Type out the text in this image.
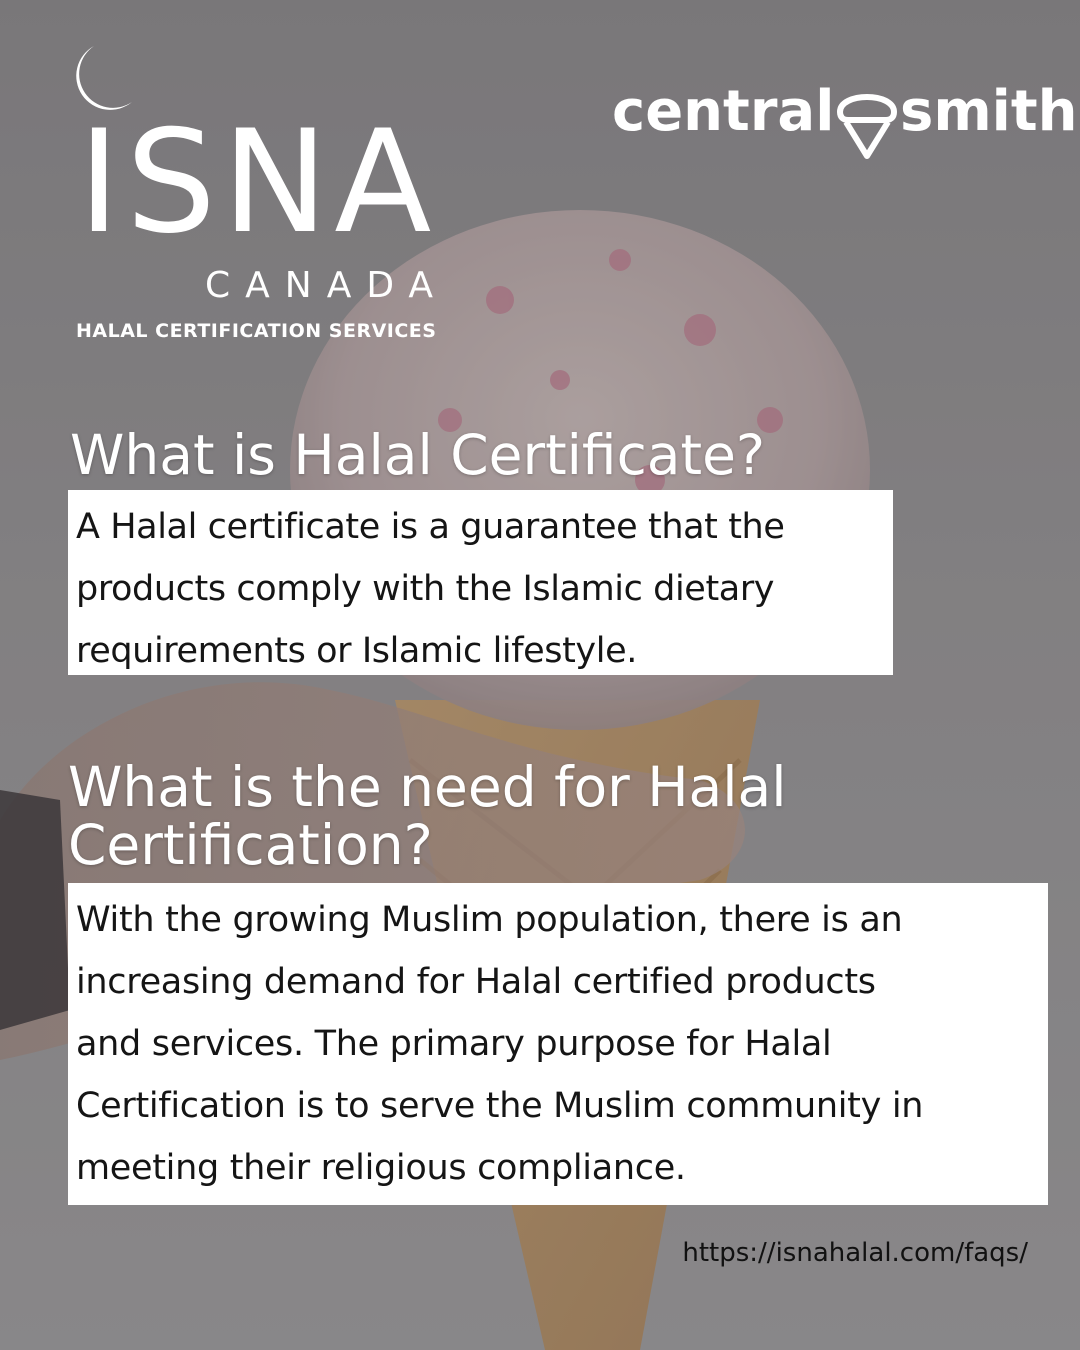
ISNA
CANADA
HALAL CERTIFICATION SERVICES
central smith
What is Halal Certificate?

A Halal certificate is a guarantee that the

products comply with the Islamic dietary

requirements or Islamic lifestyle.

What is the need for Halal
Certification?

With the growing Muslim population, there is an

increasing demand for Halal certified products

and services. The primary purpose for Halal

Certification is to serve the Muslim community in

meeting their religious compliance.

https://isnahalal.com/faqs/
